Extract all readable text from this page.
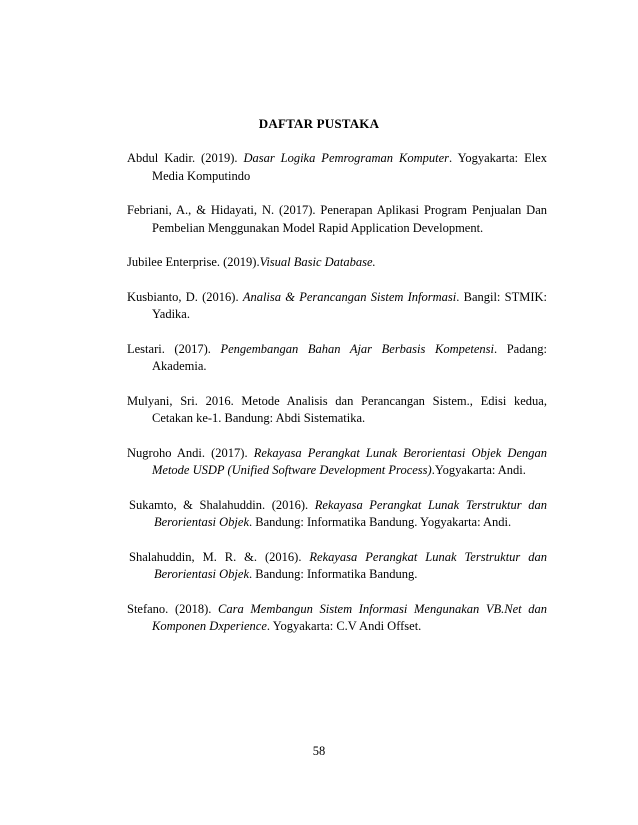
DAFTAR PUSTAKA
Abdul Kadir. (2019). Dasar Logika Pemrograman Komputer. Yogyakarta: Elex Media Komputindo
Febriani, A., & Hidayati, N. (2017). Penerapan Aplikasi Program Penjualan Dan Pembelian Menggunakan Model Rapid Application Development.
Jubilee Enterprise. (2019).Visual Basic Database.
Kusbianto, D. (2016). Analisa & Perancangan Sistem Informasi. Bangil: STMIK: Yadika.
Lestari. (2017). Pengembangan Bahan Ajar Berbasis Kompetensi. Padang: Akademia.
Mulyani, Sri. 2016. Metode Analisis dan Perancangan Sistem., Edisi kedua, Cetakan ke-1. Bandung: Abdi Sistematika.
Nugroho Andi. (2017). Rekayasa Perangkat Lunak Berorientasi Objek Dengan Metode USDP (Unified Software Development Process).Yogyakarta: Andi.
Sukamto, & Shalahuddin. (2016). Rekayasa Perangkat Lunak Terstruktur dan Berorientasi Objek. Bandung: Informatika Bandung. Yogyakarta: Andi.
Shalahuddin, M. R. &. (2016). Rekayasa Perangkat Lunak Terstruktur dan Berorientasi Objek. Bandung: Informatika Bandung.
Stefano. (2018). Cara Membangun Sistem Informasi Mengunakan VB.Net dan Komponen Dxperience. Yogyakarta: C.V Andi Offset.
58
